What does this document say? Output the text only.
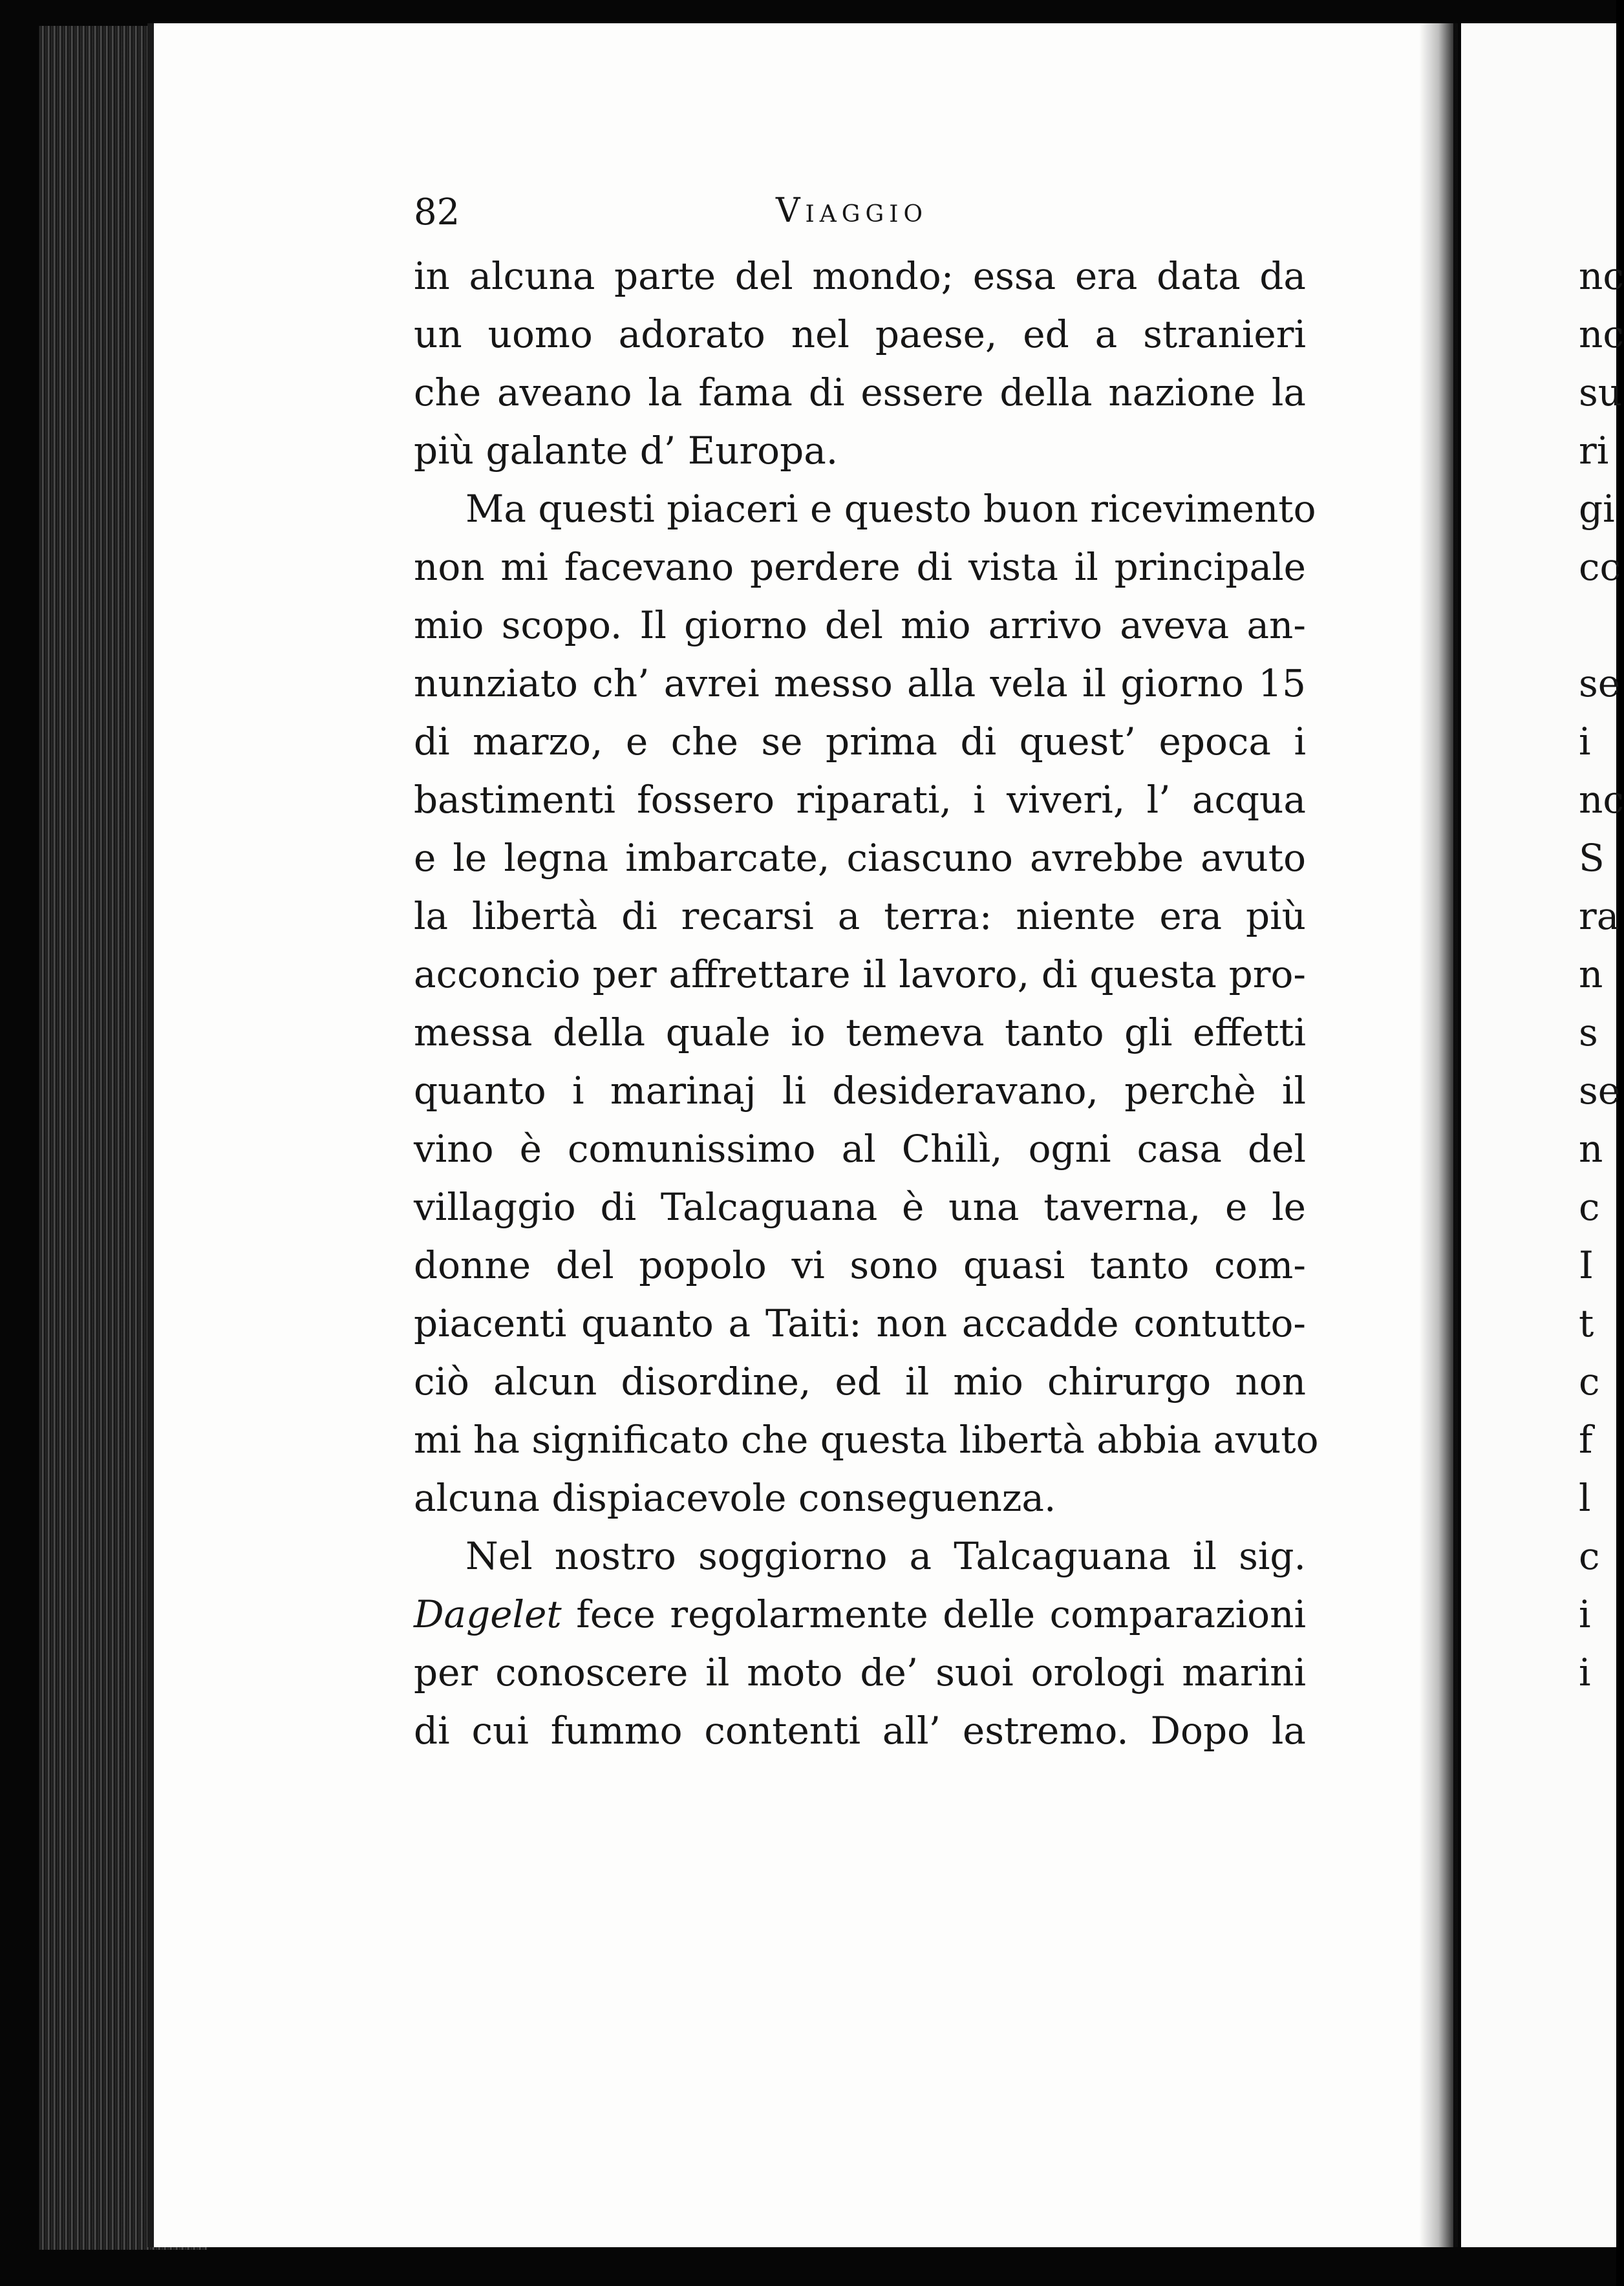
82	Viaggio
in alcuna parte del mondo; essa era data da
un uomo adorato nel paese, ed a stranieri
che aveano la fama di essere della nazione la
più galante d’ Europa.
Ma questi piaceri e questo buon ricevimento
non mi facevano perdere di vista il principale
mio scopo. Il giorno del mio arrivo aveva an-
nunziato ch’ avrei messo alla vela il giorno 15
di marzo, e che se prima di quest’ epoca i
bastimenti fossero riparati, i viveri, l’ acqua
e le legna imbarcate, ciascuno avrebbe avuto
la libertà di recarsi a terra: niente era più
acconcio per affrettare il lavoro, di questa pro-
messa della quale io temeva tanto gli effetti
quanto i marinaj li desideravano, perchè il
vino è comunissimo al Chilì, ogni casa del
villaggio di Talcaguana è una taverna, e le
donne del popolo vi sono quasi tanto com-
piacenti quanto a Taiti: non accadde contutto-
ciò alcun disordine, ed il mio chirurgo non
mi ha significato che questa libertà abbia avuto
alcuna dispiacevole conseguenza.
Nel nostro soggiorno a Talcaguana il sig.
Dagelet fece regolarmente delle comparazioni
per conoscere il moto de’ suoi orologi marini
di cui fummo contenti all’ estremo. Dopo la
nc
nc
su
ri
gi
cc
se
i
nc
S
ra
n
s
se
n
c
I
t
c
f
l
c
i
i
